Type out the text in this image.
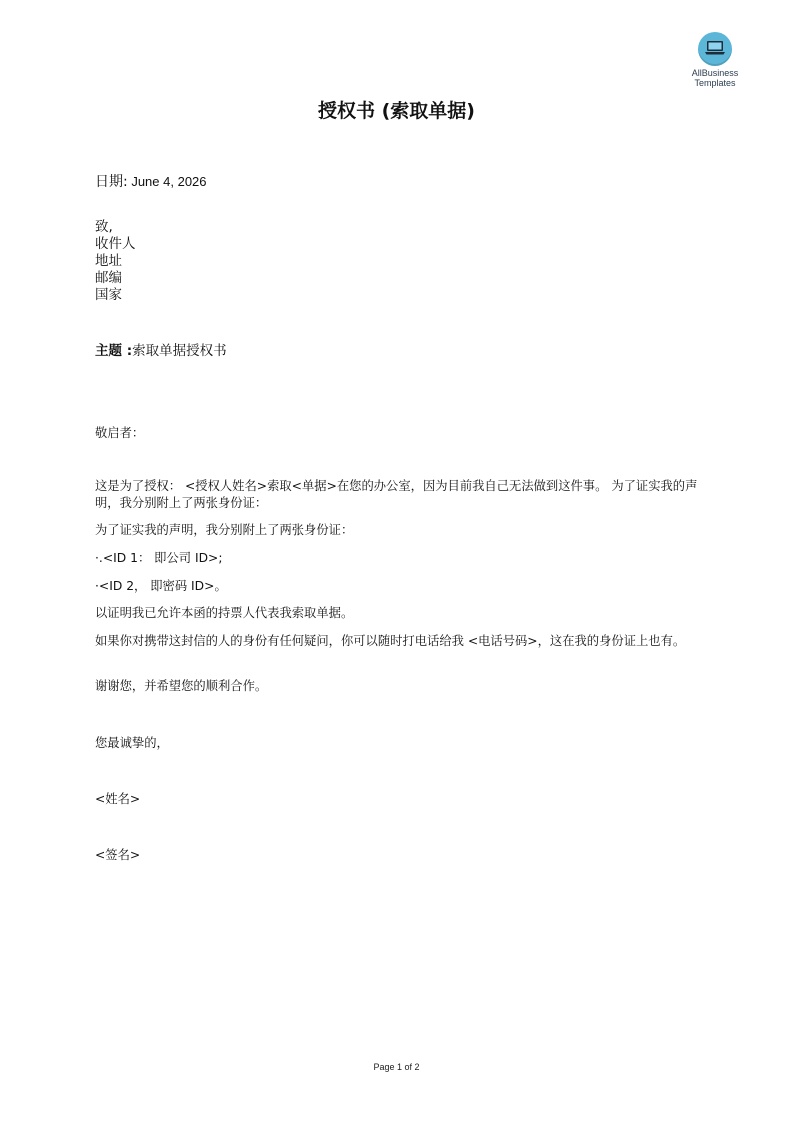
AllBusiness
Templates
授权书 (索取单据)
日期: June 4, 2026
致,
收件人
地址
邮编
国家
主题 :索取单据授权书
敬启者：
这是为了授权： <授权人姓名>索取<单据>在您的办公室，因为目前我自己无法做到这件事。 为了证实我的声明，我分别附上了两张身份证：
为了证实我的声明，我分别附上了两张身份证：
·.<ID 1： 即公司 ID>;
·<ID 2， 即密码 ID>。
以证明我已允许本函的持票人代表我索取单据。
如果你对携带这封信的人的身份有任何疑问，你可以随时打电话给我 <电话号码>，这在我的身份证上也有。
谢谢您，并希望您的顺利合作。
您最诚挚的，
<姓名>
<签名>
Page 1 of 2
